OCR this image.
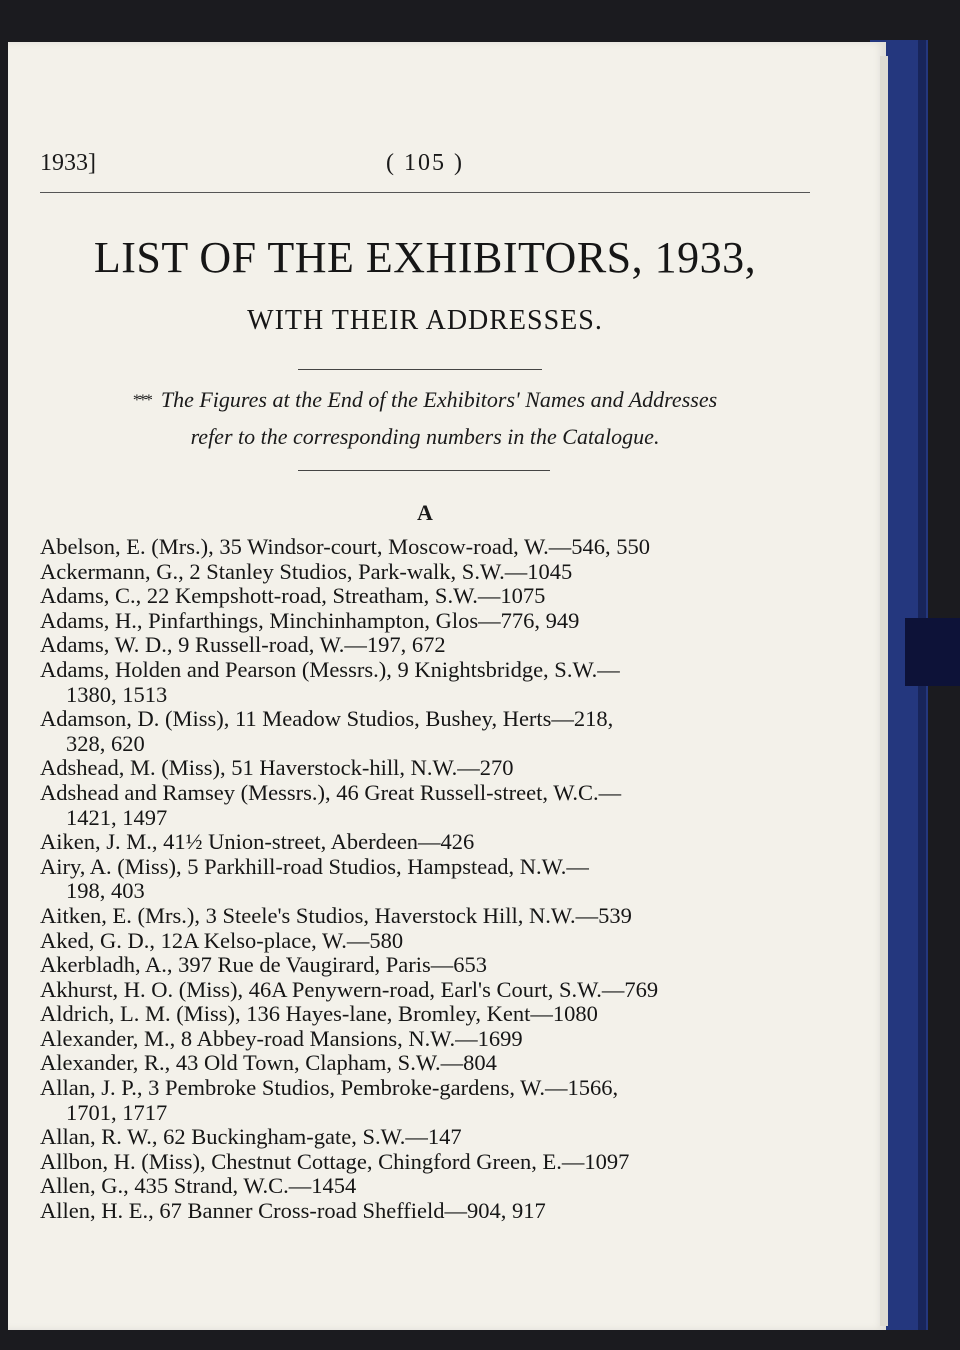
1933]	( 105 )
LIST OF THE EXHIBITORS, 1933,
WITH THEIR ADDRESSES.
*** The Figures at the End of the Exhibitors' Names and Addresses
refer to the corresponding numbers in the Catalogue.
A
Abelson, E. (Mrs.), 35 Windsor-court, Moscow-road, W.—546, 550
Ackermann, G., 2 Stanley Studios, Park-walk, S.W.—1045
Adams, C., 22 Kempshott-road, Streatham, S.W.—1075
Adams, H., Pinfarthings, Minchinhampton, Glos—776, 949
Adams, W. D., 9 Russell-road, W.—197, 672
Adams, Holden and Pearson (Messrs.), 9 Knightsbridge, S.W.—
1380, 1513
Adamson, D. (Miss), 11 Meadow Studios, Bushey, Herts—218,
328, 620
Adshead, M. (Miss), 51 Haverstock-hill, N.W.—270
Adshead and Ramsey (Messrs.), 46 Great Russell-street, W.C.—
1421, 1497
Aiken, J. M., 41½ Union-street, Aberdeen—426
Airy, A. (Miss), 5 Parkhill-road Studios, Hampstead, N.W.—
198, 403
Aitken, E. (Mrs.), 3 Steele's Studios, Haverstock Hill, N.W.—539
Aked, G. D., 12A Kelso-place, W.—580
Akerbladh, A., 397 Rue de Vaugirard, Paris—653
Akhurst, H. O. (Miss), 46A Penywern-road, Earl's Court, S.W.—769
Aldrich, L. M. (Miss), 136 Hayes-lane, Bromley, Kent—1080
Alexander, M., 8 Abbey-road Mansions, N.W.—1699
Alexander, R., 43 Old Town, Clapham, S.W.—804
Allan, J. P., 3 Pembroke Studios, Pembroke-gardens, W.—1566,
1701, 1717
Allan, R. W., 62 Buckingham-gate, S.W.—147
Allbon, H. (Miss), Chestnut Cottage, Chingford Green, E.—1097
Allen, G., 435 Strand, W.C.—1454
Allen, H. E., 67 Banner Cross-road Sheffield—904, 917
